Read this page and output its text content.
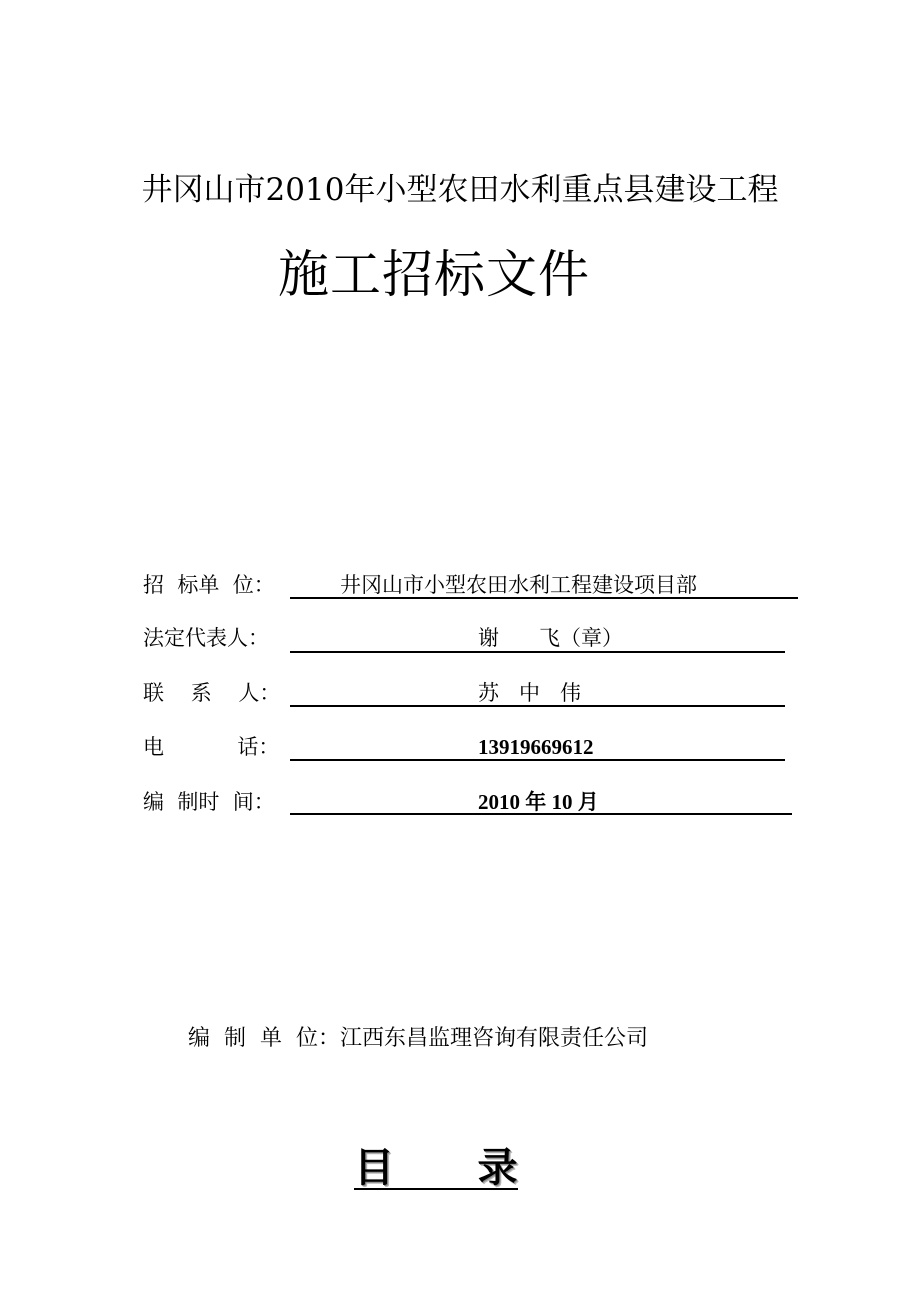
井冈山市2010年小型农田水利重点县建设工程
施工招标文件
招  标单  位：	井冈山市小型农田水利工程建设项目部
法定代表人：	谢      飞（章）
联    系    人：	苏   中   伟
电           话：	13919669612
编  制时  间：	2010 年 10 月
编  制  单  位：江西东昌监理咨询有限责任公司
目      录
